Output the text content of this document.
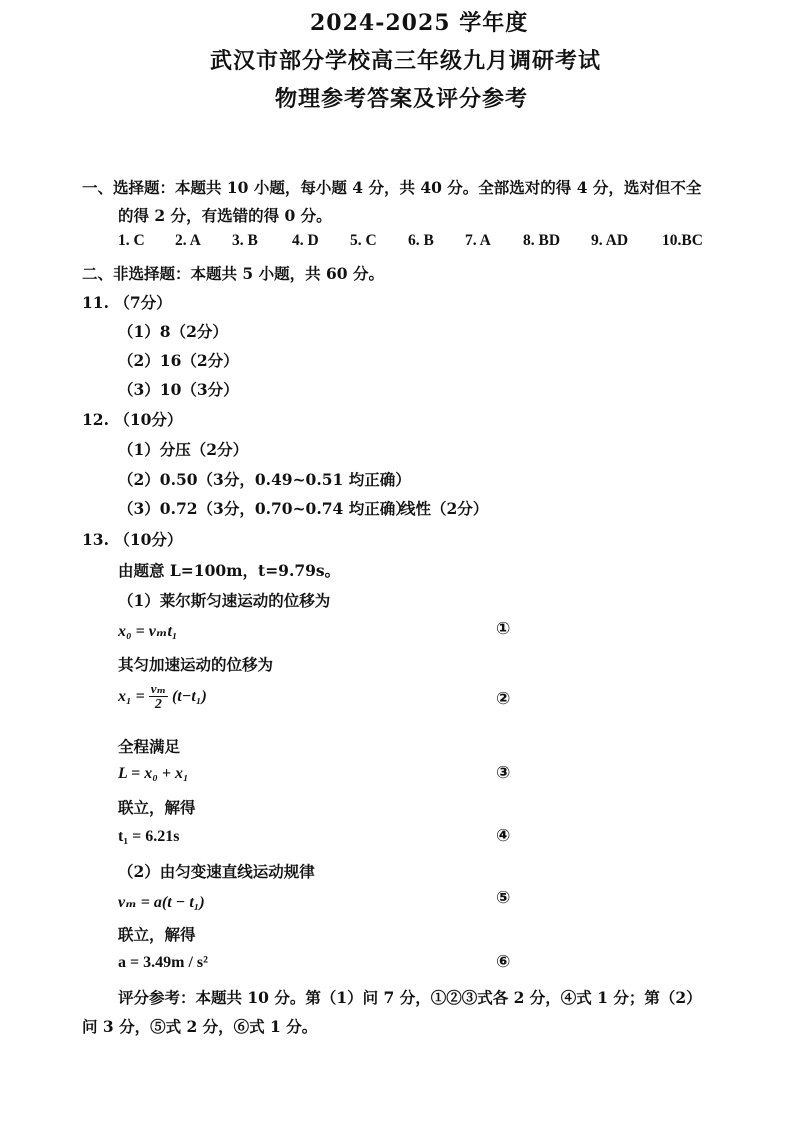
2024-2025 学年度
武汉市部分学校高三年级九月调研考试
物理参考答案及评分参考
一、选择题：本题共 10 小题，每小题 4 分，共 40 分。全部选对的得 4 分，选对但不全
的得 2 分，有选错的得 0 分。
1. C 2. A 3. B 4. D 5. C 6. B 7. A 8. BD 9. AD 10.BC
二、非选择题：本题共 5 小题，共 60 分。
11. （7分）
（1）8（2分）
（2）16（2分）
（3）10（3分）
12. （10分）
（1）分压（2分）
（2）0.50（3分，0.49~0.51 均正确）
（3）0.72（3分，0.70~0.74 均正确）
线性（2分）
13. （10分）
由题意 L=100m，t=9.79s。
（1）莱尔斯匀速运动的位移为
x₀ = vₘt₁	①
其匀加速运动的位移为
$x_1 = \frac{\text{vₘ}}{2} (t-t_1)$	②
全程满足
L = x₀ + x₁	③
联立，解得
t₁ = 6.21s	④
（2）由匀变速直线运动规律
vₘ = a(t − t₁)	⑤
联立，解得
a = 3.49m / s²	⑥
评分参考：本题共 10 分。第（1）问 7 分，①②③式各 2 分，④式 1 分；第（2）
问 3 分，⑤式 2 分，⑥式 1 分。
